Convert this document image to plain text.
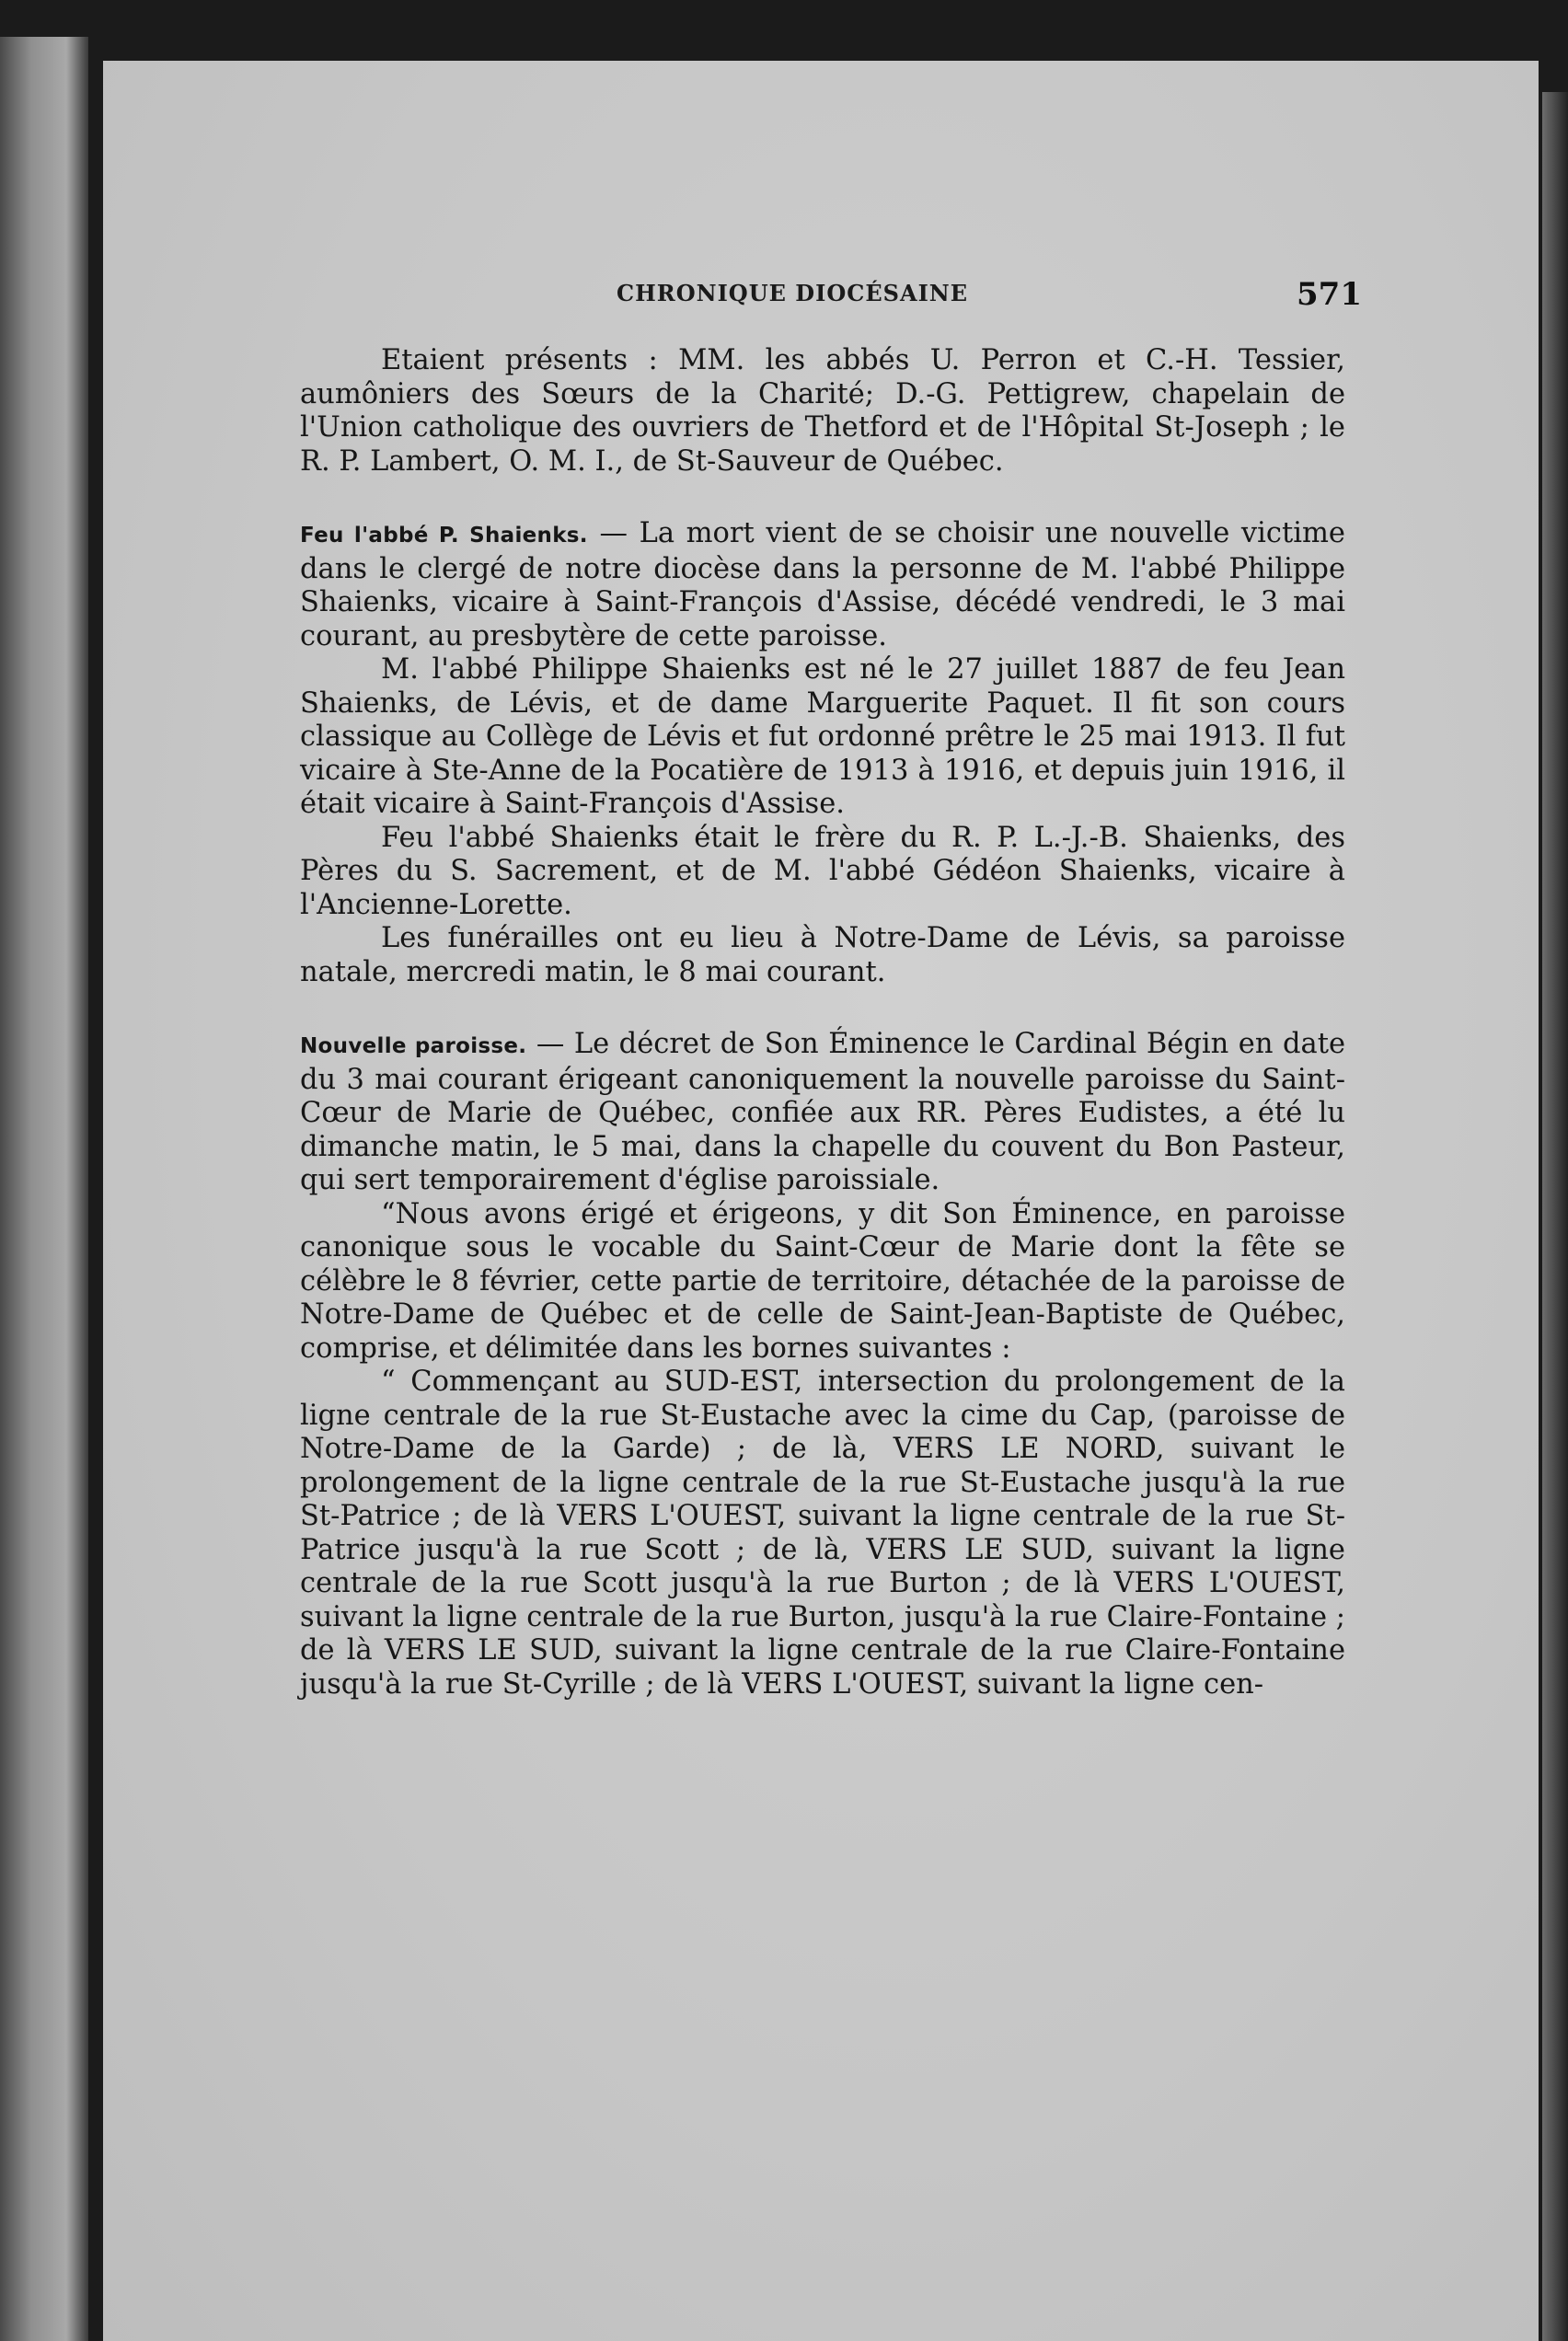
CHRONIQUE DIOCÉSAINE	571

Etaient présents : MM. les abbés U. Perron et C.-H. Tessier, aumôniers des Sœurs de la Charité; D.-G. Pettigrew, chapelain de l'Union catholique des ouvriers de Thetford et de l'Hôpital St-Joseph ; le R. P. Lambert, O. M. I., de St-Sauveur de Québec.

Feu l'abbé P. Shaienks. — La mort vient de se choisir une nouvelle victime dans le clergé de notre diocèse dans la personne de M. l'abbé Philippe Shaienks, vicaire à Saint-François d'Assise, décédé vendredi, le 3 mai courant, au presbytère de cette paroisse.

M. l'abbé Philippe Shaienks est né le 27 juillet 1887 de feu Jean Shaienks, de Lévis, et de dame Marguerite Paquet. Il fit son cours classique au Collège de Lévis et fut ordonné prêtre le 25 mai 1913. Il fut vicaire à Ste-Anne de la Pocatière de 1913 à 1916, et depuis juin 1916, il était vicaire à Saint-François d'Assise.

Feu l'abbé Shaienks était le frère du R. P. L.-J.-B. Shaienks, des Pères du S. Sacrement, et de M. l'abbé Gédéon Shaienks, vicaire à l'Ancienne-Lorette.

Les funérailles ont eu lieu à Notre-Dame de Lévis, sa paroisse natale, mercredi matin, le 8 mai courant.

Nouvelle paroisse. — Le décret de Son Éminence le Cardinal Bégin en date du 3 mai courant érigeant canoniquement la nouvelle paroisse du Saint-Cœur de Marie de Québec, confiée aux RR. Pères Eudistes, a été lu dimanche matin, le 5 mai, dans la chapelle du couvent du Bon Pasteur, qui sert temporairement d'église paroissiale.

“Nous avons érigé et érigeons, y dit Son Éminence, en paroisse canonique sous le vocable du Saint-Cœur de Marie dont la fête se célèbre le 8 février, cette partie de territoire, détachée de la paroisse de Notre-Dame de Québec et de celle de Saint-Jean-Baptiste de Québec, comprise, et délimitée dans les bornes suivantes :

“ Commençant au SUD-EST, intersection du prolongement de la ligne centrale de la rue St-Eustache avec la cime du Cap, (paroisse de Notre-Dame de la Garde) ; de là, VERS LE NORD, suivant le prolongement de la ligne centrale de la rue St-Eustache jusqu'à la rue St-Patrice ; de là VERS L'OUEST, suivant la ligne centrale de la rue St-Patrice jusqu'à la rue Scott ; de là, VERS LE SUD, suivant la ligne centrale de la rue Scott jusqu'à la rue Burton ; de là VERS L'OUEST, suivant la ligne centrale de la rue Burton, jusqu'à la rue Claire-Fontaine ; de là VERS LE SUD, suivant la ligne centrale de la rue Claire-Fontaine jusqu'à la rue St-Cyrille ; de là VERS L'OUEST, suivant la ligne cen-
